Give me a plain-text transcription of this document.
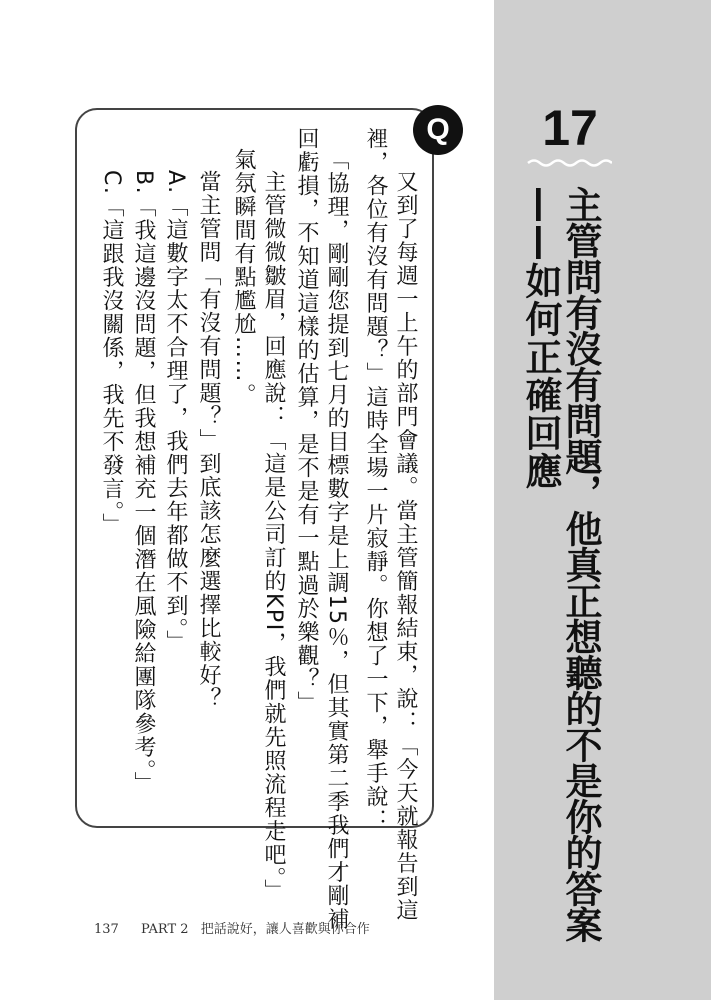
17
主管問有沒有問題，他真正想聽的不是你的答案
——如何正確回應
Q
又到了每週一上午的部門會議。當主管簡報結束，說：「今天就報告到這
裡，各位有沒有問題？」這時全場一片寂靜。你想了一下，舉手說：
「協理，剛剛您提到七月的目標數字是上調15％，但其實第二季我們才剛補
回虧損，不知道這樣的估算，是不是有一點過於樂觀？」
主管微微皺眉，回應說：「這是公司訂的KPI，我們就先照流程走吧。」
氣氛瞬間有點尷尬……。
當主管問「有沒有問題？」到底該怎麼選擇比較好？
A.「這數字太不合理了，我們去年都做不到。」
B.「我這邊沒問題，但我想補充一個潛在風險給團隊參考。」
C.「這跟我沒關係，我先不發言。」
137 PART 2 把話說好，讓人喜歡與你合作
